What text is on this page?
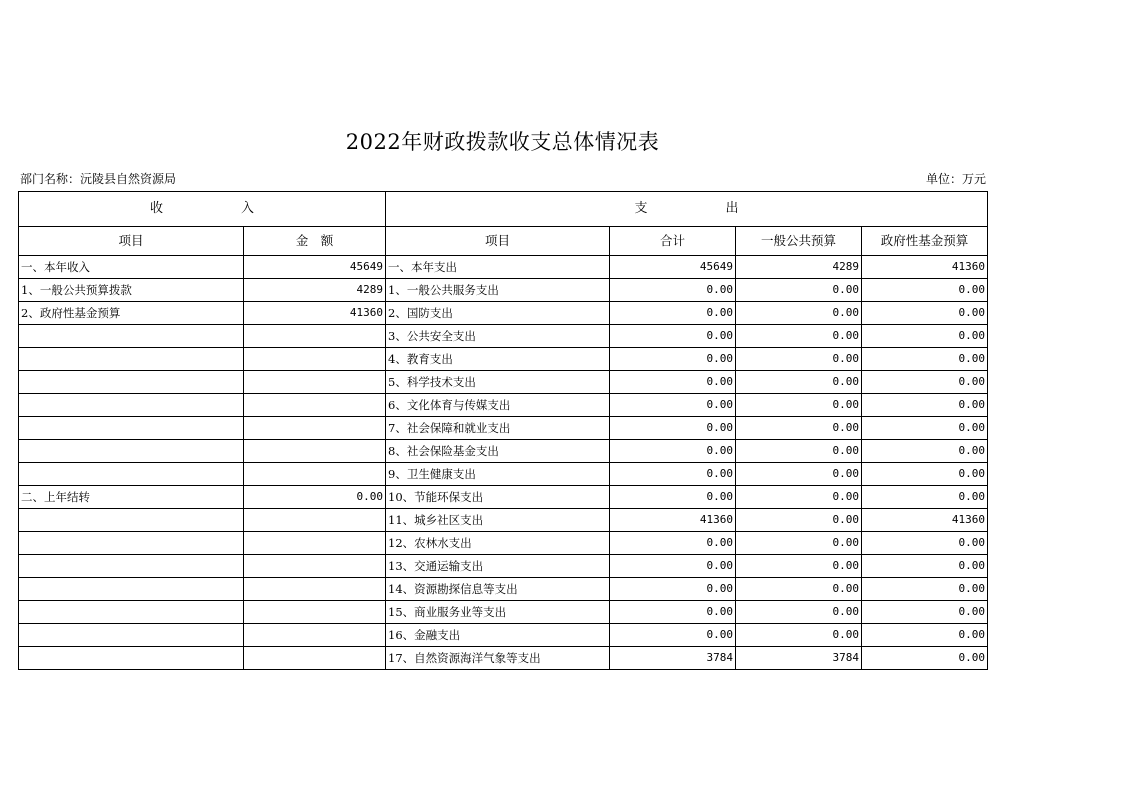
2022年财政拨款收支总体情况表
部门名称：沅陵县自然资源局	单位：万元
收　　　　　　入		支　　　　　　出			
项目	金　额	项目	合计	一般公共预算	政府性基金预算
一、本年收入	45649	一、本年支出	45649	4289	41360
1、一般公共预算拨款	4289	1、一般公共服务支出	0.00	0.00	0.00
2、政府性基金预算	41360	2、国防支出	0.00	0.00	0.00
		3、公共安全支出	0.00	0.00	0.00
		4、教育支出	0.00	0.00	0.00
		5、科学技术支出	0.00	0.00	0.00
		6、文化体育与传媒支出	0.00	0.00	0.00
		7、社会保障和就业支出	0.00	0.00	0.00
		8、社会保险基金支出	0.00	0.00	0.00
		9、卫生健康支出	0.00	0.00	0.00
二、上年结转	0.00	10、节能环保支出	0.00	0.00	0.00
		11、城乡社区支出	41360	0.00	41360
		12、农林水支出	0.00	0.00	0.00
		13、交通运输支出	0.00	0.00	0.00
		14、资源勘探信息等支出	0.00	0.00	0.00
		15、商业服务业等支出	0.00	0.00	0.00
		16、金融支出	0.00	0.00	0.00
		17、自然资源海洋气象等支出	3784	3784	0.00
